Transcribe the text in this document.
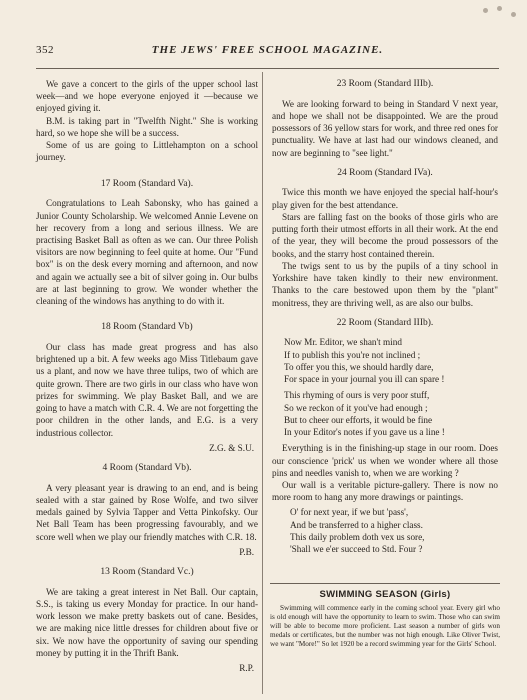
352	THE JEWS' FREE SCHOOL MAGAZINE.

We gave a concert to the girls of the upper school last week—and we hope everyone enjoyed it —because we enjoyed giving it.

B.M. is taking part in "Twelfth Night." She is working hard, so we hope she will be a success.

Some of us are going to Littlehampton on a school journey.

17 Room (Standard Va).

Congratulations to Leah Sabonsky, who has gained a Junior County Scholarship. We welcomed Annie Levene on her recovery from a long and serious illness. We are practising Basket Ball as often as we can. Our three Polish visitors are now beginning to feel quite at home. Our "Fund box" is on the desk every morning and afternoon, and now and again we actually see a bit of silver going in. Our bulbs are at last beginning to grow. We wonder whether the cleaning of the windows has anything to do with it.

18 Room (Standard Vb)

Our class has made great progress and has also brightened up a bit. A few weeks ago Miss Titlebaum gave us a plant, and now we have three tulips, two of which are quite grown. There are two girls in our class who have won prizes for swimming. We play Basket Ball, and we are going to have a match with C.R. 4. We are not forgetting the poor children in the other lands, and E.G. is a very industrious collector.

Z.G. & S.U.
4 Room (Standard Vb).

A very pleasant year is drawing to an end, and is being sealed with a star gained by Rose Wolfe, and two silver medals gained by Sylvia Tapper and Vetta Pinkofsky. Our Net Ball Team has been progressing favourably, and we score well when we play our friendly matches with C.R. 18.

P.B.
13 Room (Standard Vc.)

We are taking a great interest in Net Ball. Our captain, S.S., is taking us every Monday for practice. In our hand-work lesson we make pretty baskets out of cane. Besides, we are making nice little dresses for children about five or six. We now have the opportunity of saving our spending money by putting it in the Thrift Bank.

R.P.
23 Room (Standard IIIb).

We are looking forward to being in Standard V next year, and hope we shall not be disappointed. We are the proud possessors of 36 yellow stars for work, and three red ones for punctuality. We have at last had our windows cleaned, and now are beginning to "see light."

24 Room (Standard IVa).

Twice this month we have enjoyed the special half-hour's play given for the best attendance.

Stars are falling fast on the books of those girls who are putting forth their utmost efforts in all their work. At the end of the year, they will become the proud possessors of the books, and the starry host contained therein.

The twigs sent to us by the pupils of a tiny school in Yorkshire have taken kindly to their new environment. Thanks to the care bestowed upon them by the "plant" monitress, they are thriving well, as are also our bulbs.

22 Room (Standard IIIb).
Now Mr. Editor, we shan't mind
If to publish this you're not inclined ;
To offer you this, we should hardly dare,
For space in your journal you ill can spare !
This rhyming of ours is very poor stuff,
So we reckon of it you've had enough ;
But to cheer our efforts, it would be fine
In your Editor's notes if you gave us a line !

Everything is in the finishing-up stage in our room. Does our conscience 'prick' us when we wonder where all those pins and needles vanish to, when we are working ?

Our wall is a veritable picture-gallery. There is now no more room to hang any more drawings or paintings.

O' for next year, if we but 'pass',
And be transferred to a higher class.
This daily problem doth vex us sore,
'Shall we e'er succeed to Std. Four ?
SWIMMING SEASON (Girls)

Swimming will commence early in the coming school year. Every girl who is old enough will have the opportunity to learn to swim. Those who can swim will be able to become more proficient. Last season a number of girls won medals or certificates, but the number was not high enough. Like Oliver Twist, we want "More!" So let 1920 be a record swimming year for the Girls' School.
